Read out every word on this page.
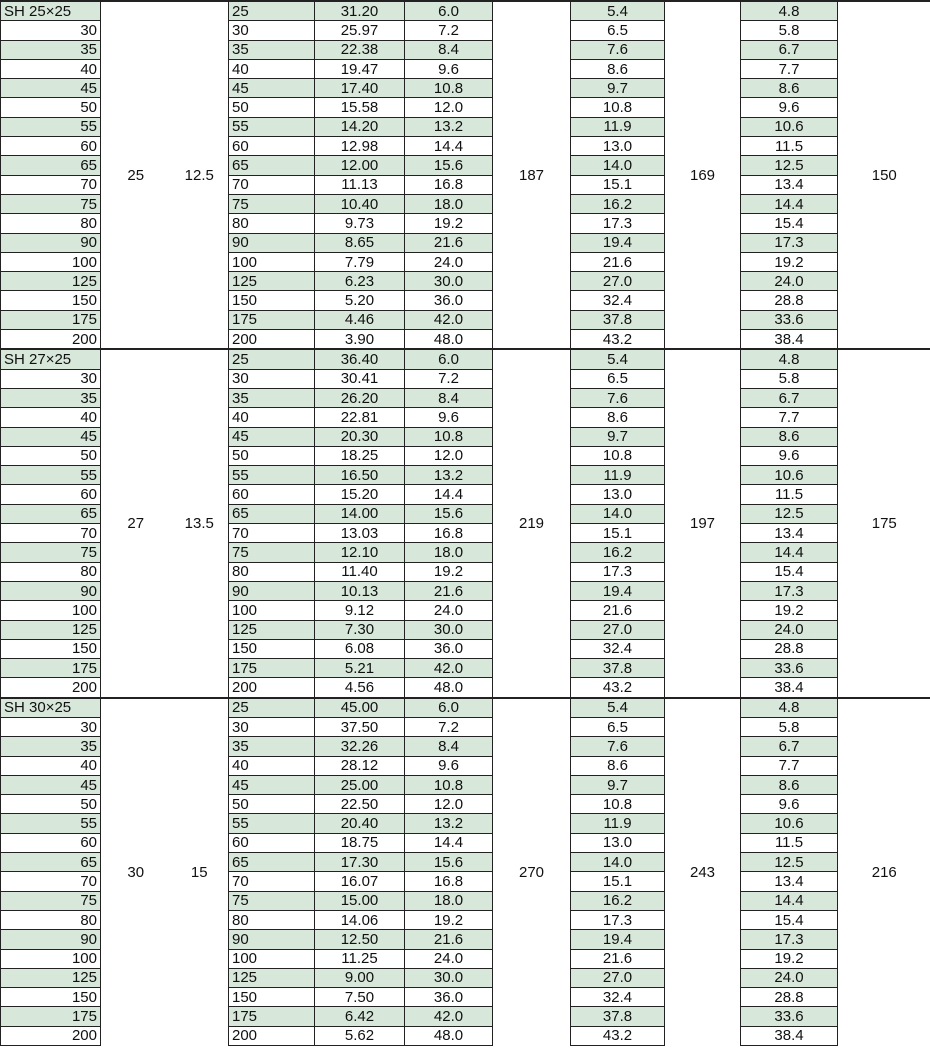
SH 25×25	25	12.5	25	31.20	6.0	187	5.4	169	4.8	150
30			30	25.97	7.2		6.5		5.8	
35			35	22.38	8.4		7.6		6.7	
40			40	19.47	9.6		8.6		7.7	
45			45	17.40	10.8		9.7		8.6	
50			50	15.58	12.0		10.8		9.6	
55			55	14.20	13.2		11.9		10.6	
60			60	12.98	14.4		13.0		11.5	
65			65	12.00	15.6		14.0		12.5	
70			70	11.13	16.8		15.1		13.4	
75			75	10.40	18.0		16.2		14.4	
80			80	9.73	19.2		17.3		15.4	
90			90	8.65	21.6		19.4		17.3	
100			100	7.79	24.0		21.6		19.2	
125			125	6.23	30.0		27.0		24.0	
150			150	5.20	36.0		32.4		28.8	
175			175	4.46	42.0		37.8		33.6	
200			200	3.90	48.0		43.2		38.4	
SH 27×25	27	13.5	25	36.40	6.0	219	5.4	197	4.8	175
30			30	30.41	7.2		6.5		5.8	
35			35	26.20	8.4		7.6		6.7	
40			40	22.81	9.6		8.6		7.7	
45			45	20.30	10.8		9.7		8.6	
50			50	18.25	12.0		10.8		9.6	
55			55	16.50	13.2		11.9		10.6	
60			60	15.20	14.4		13.0		11.5	
65			65	14.00	15.6		14.0		12.5	
70			70	13.03	16.8		15.1		13.4	
75			75	12.10	18.0		16.2		14.4	
80			80	11.40	19.2		17.3		15.4	
90			90	10.13	21.6		19.4		17.3	
100			100	9.12	24.0		21.6		19.2	
125			125	7.30	30.0		27.0		24.0	
150			150	6.08	36.0		32.4		28.8	
175			175	5.21	42.0		37.8		33.6	
200			200	4.56	48.0		43.2		38.4	
SH 30×25	30	15	25	45.00	6.0	270	5.4	243	4.8	216
30			30	37.50	7.2		6.5		5.8	
35			35	32.26	8.4		7.6		6.7	
40			40	28.12	9.6		8.6		7.7	
45			45	25.00	10.8		9.7		8.6	
50			50	22.50	12.0		10.8		9.6	
55			55	20.40	13.2		11.9		10.6	
60			60	18.75	14.4		13.0		11.5	
65			65	17.30	15.6		14.0		12.5	
70			70	16.07	16.8		15.1		13.4	
75			75	15.00	18.0		16.2		14.4	
80			80	14.06	19.2		17.3		15.4	
90			90	12.50	21.6		19.4		17.3	
100			100	11.25	24.0		21.6		19.2	
125			125	9.00	30.0		27.0		24.0	
150			150	7.50	36.0		32.4		28.8	
175			175	6.42	42.0		37.8		33.6	
200			200	5.62	48.0		43.2		38.4	
